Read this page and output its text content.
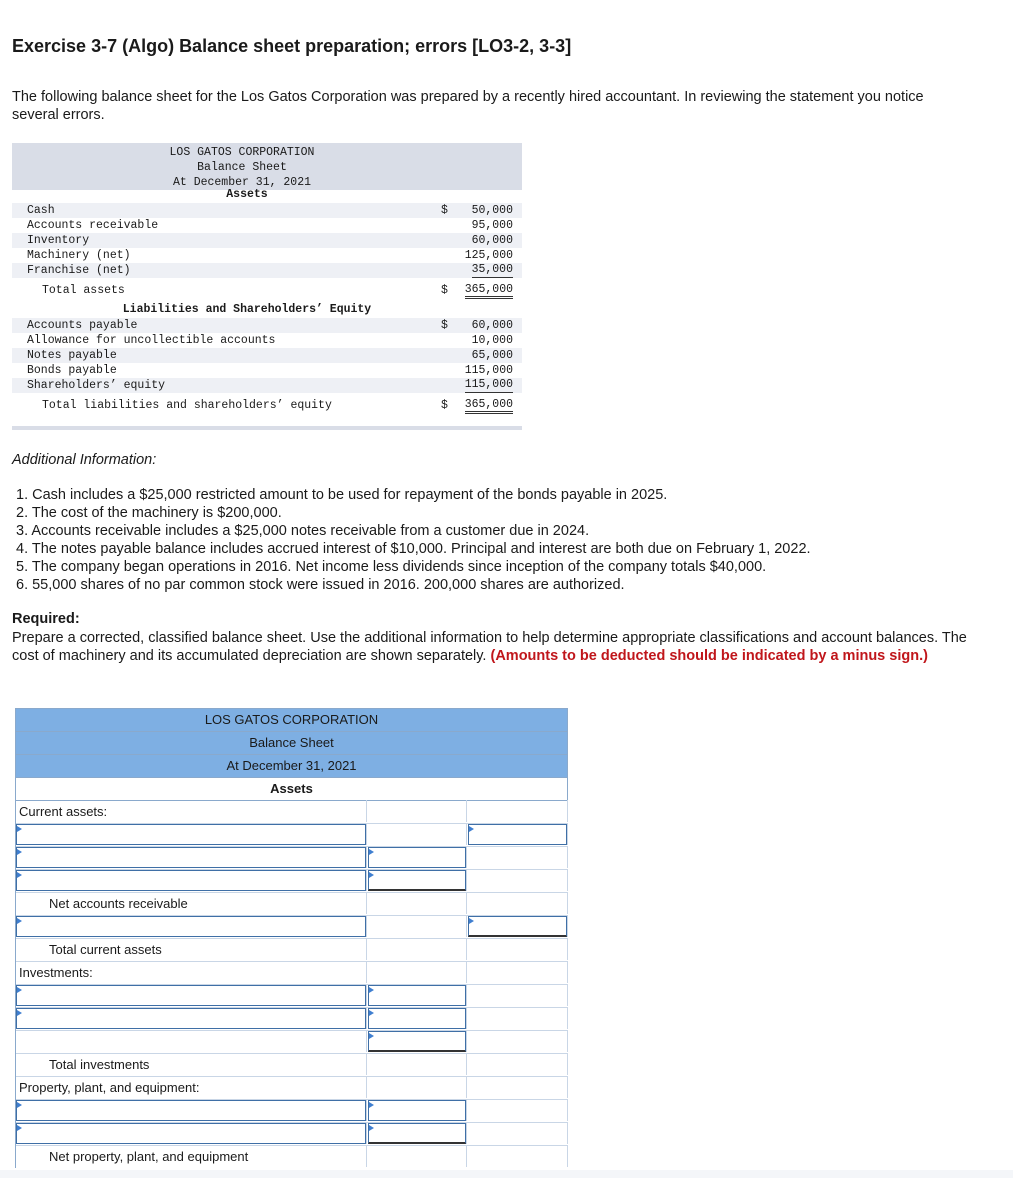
Exercise 3-7 (Algo) Balance sheet preparation; errors [LO3-2, 3-3]

The following balance sheet for the Los Gatos Corporation was prepared by a recently hired accountant. In reviewing the statement you notice several errors.

LOS GATOS CORPORATION
Balance Sheet
At December 31, 2021
Assets
Cash	$ 50,000
Accounts receivable	95,000
Inventory	60,000
Machinery (net)	125,000
Franchise (net)	35,000
Total assets	$ 365,000
Liabilities and Shareholders’ Equity
Accounts payable	$ 60,000
Allowance for uncollectible accounts	10,000
Notes payable	65,000
Bonds payable	115,000
Shareholders’ equity	115,000
Total liabilities and shareholders’ equity	$ 365,000

Additional Information:

1. Cash includes a $25,000 restricted amount to be used for repayment of the bonds payable in 2025.
2. The cost of the machinery is $200,000.
3. Accounts receivable includes a $25,000 notes receivable from a customer due in 2024.
4. The notes payable balance includes accrued interest of $10,000. Principal and interest are both due on February 1, 2022.
5. The company began operations in 2016. Net income less dividends since inception of the company totals $40,000.
6. 55,000 shares of no par common stock were issued in 2016. 200,000 shares are authorized.

Required:

Prepare a corrected, classified balance sheet. Use the additional information to help determine appropriate classifications and account balances. The cost of machinery and its accumulated depreciation are shown separately. (Amounts to be deducted should be indicated by a minus sign.)

LOS GATOS CORPORATION
Balance Sheet
At December 31, 2021
Assets
Current assets:
Net accounts receivable
Total current assets
Investments:
Total investments
Property, plant, and equipment:
Net property, plant, and equipment
